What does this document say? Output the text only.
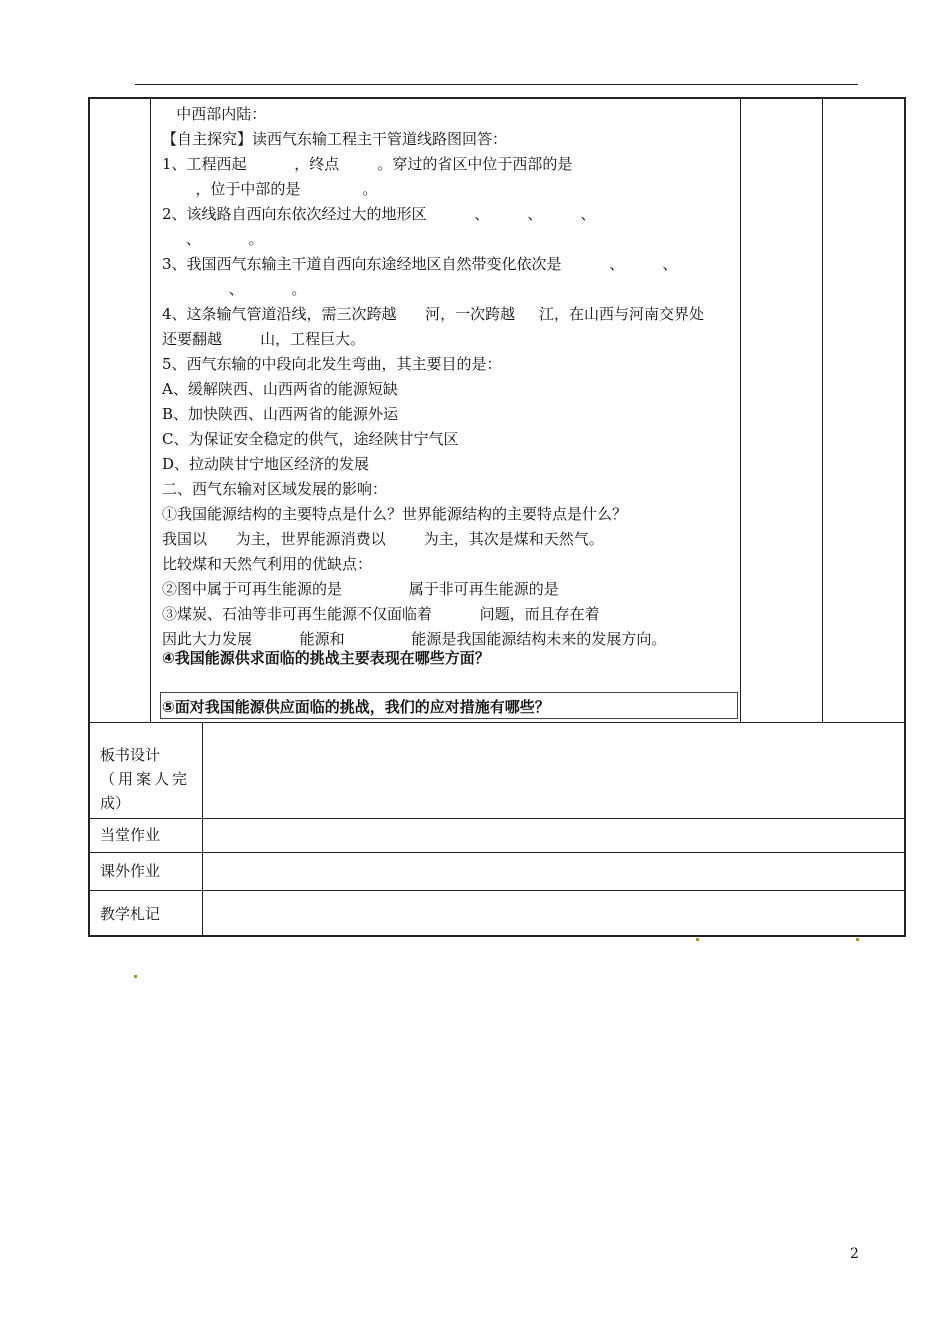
中西部内陆：
【自主探究】读西气东输工程主干管道线路图回答：
1、工程西起          ，终点        。穿过的省区中位于西部的是
，位于中部的是             。
2、该线路自西向东依次经过大的地形区          、        、        、
、          。
3、我国西气东输主干道自西向东途经地区自然带变化依次是          、        、
、          。
4、这条输气管道沿线，需三次跨越      河，一次跨越     江，在山西与河南交界处
还要翻越        山，工程巨大。
5、西气东输的中段向北发生弯曲，其主要目的是：
A、缓解陕西、山西两省的能源短缺
B、加快陕西、山西两省的能源外运
C、为保证安全稳定的供气，途经陕甘宁气区
D、拉动陕甘宁地区经济的发展
二、西气东输对区域发展的影响：
①我国能源结构的主要特点是什么？世界能源结构的主要特点是什么？
我国以      为主，世界能源消费以        为主，其次是煤和天然气。
比较煤和天然气利用的优缺点：
②图中属于可再生能源的是              属于非可再生能源的是
③煤炭、石油等非可再生能源不仅面临着          问题，而且存在着
因此大力发展          能源和              能源是我国能源结构未来的发展方向。
④我国能源供求面临的挑战主要表现在哪些方面？
⑤面对我国能源供应面临的挑战，我们的应对措施有哪些？
板书设计
（用案人完
成）
当堂作业
课外作业
教学札记
2
